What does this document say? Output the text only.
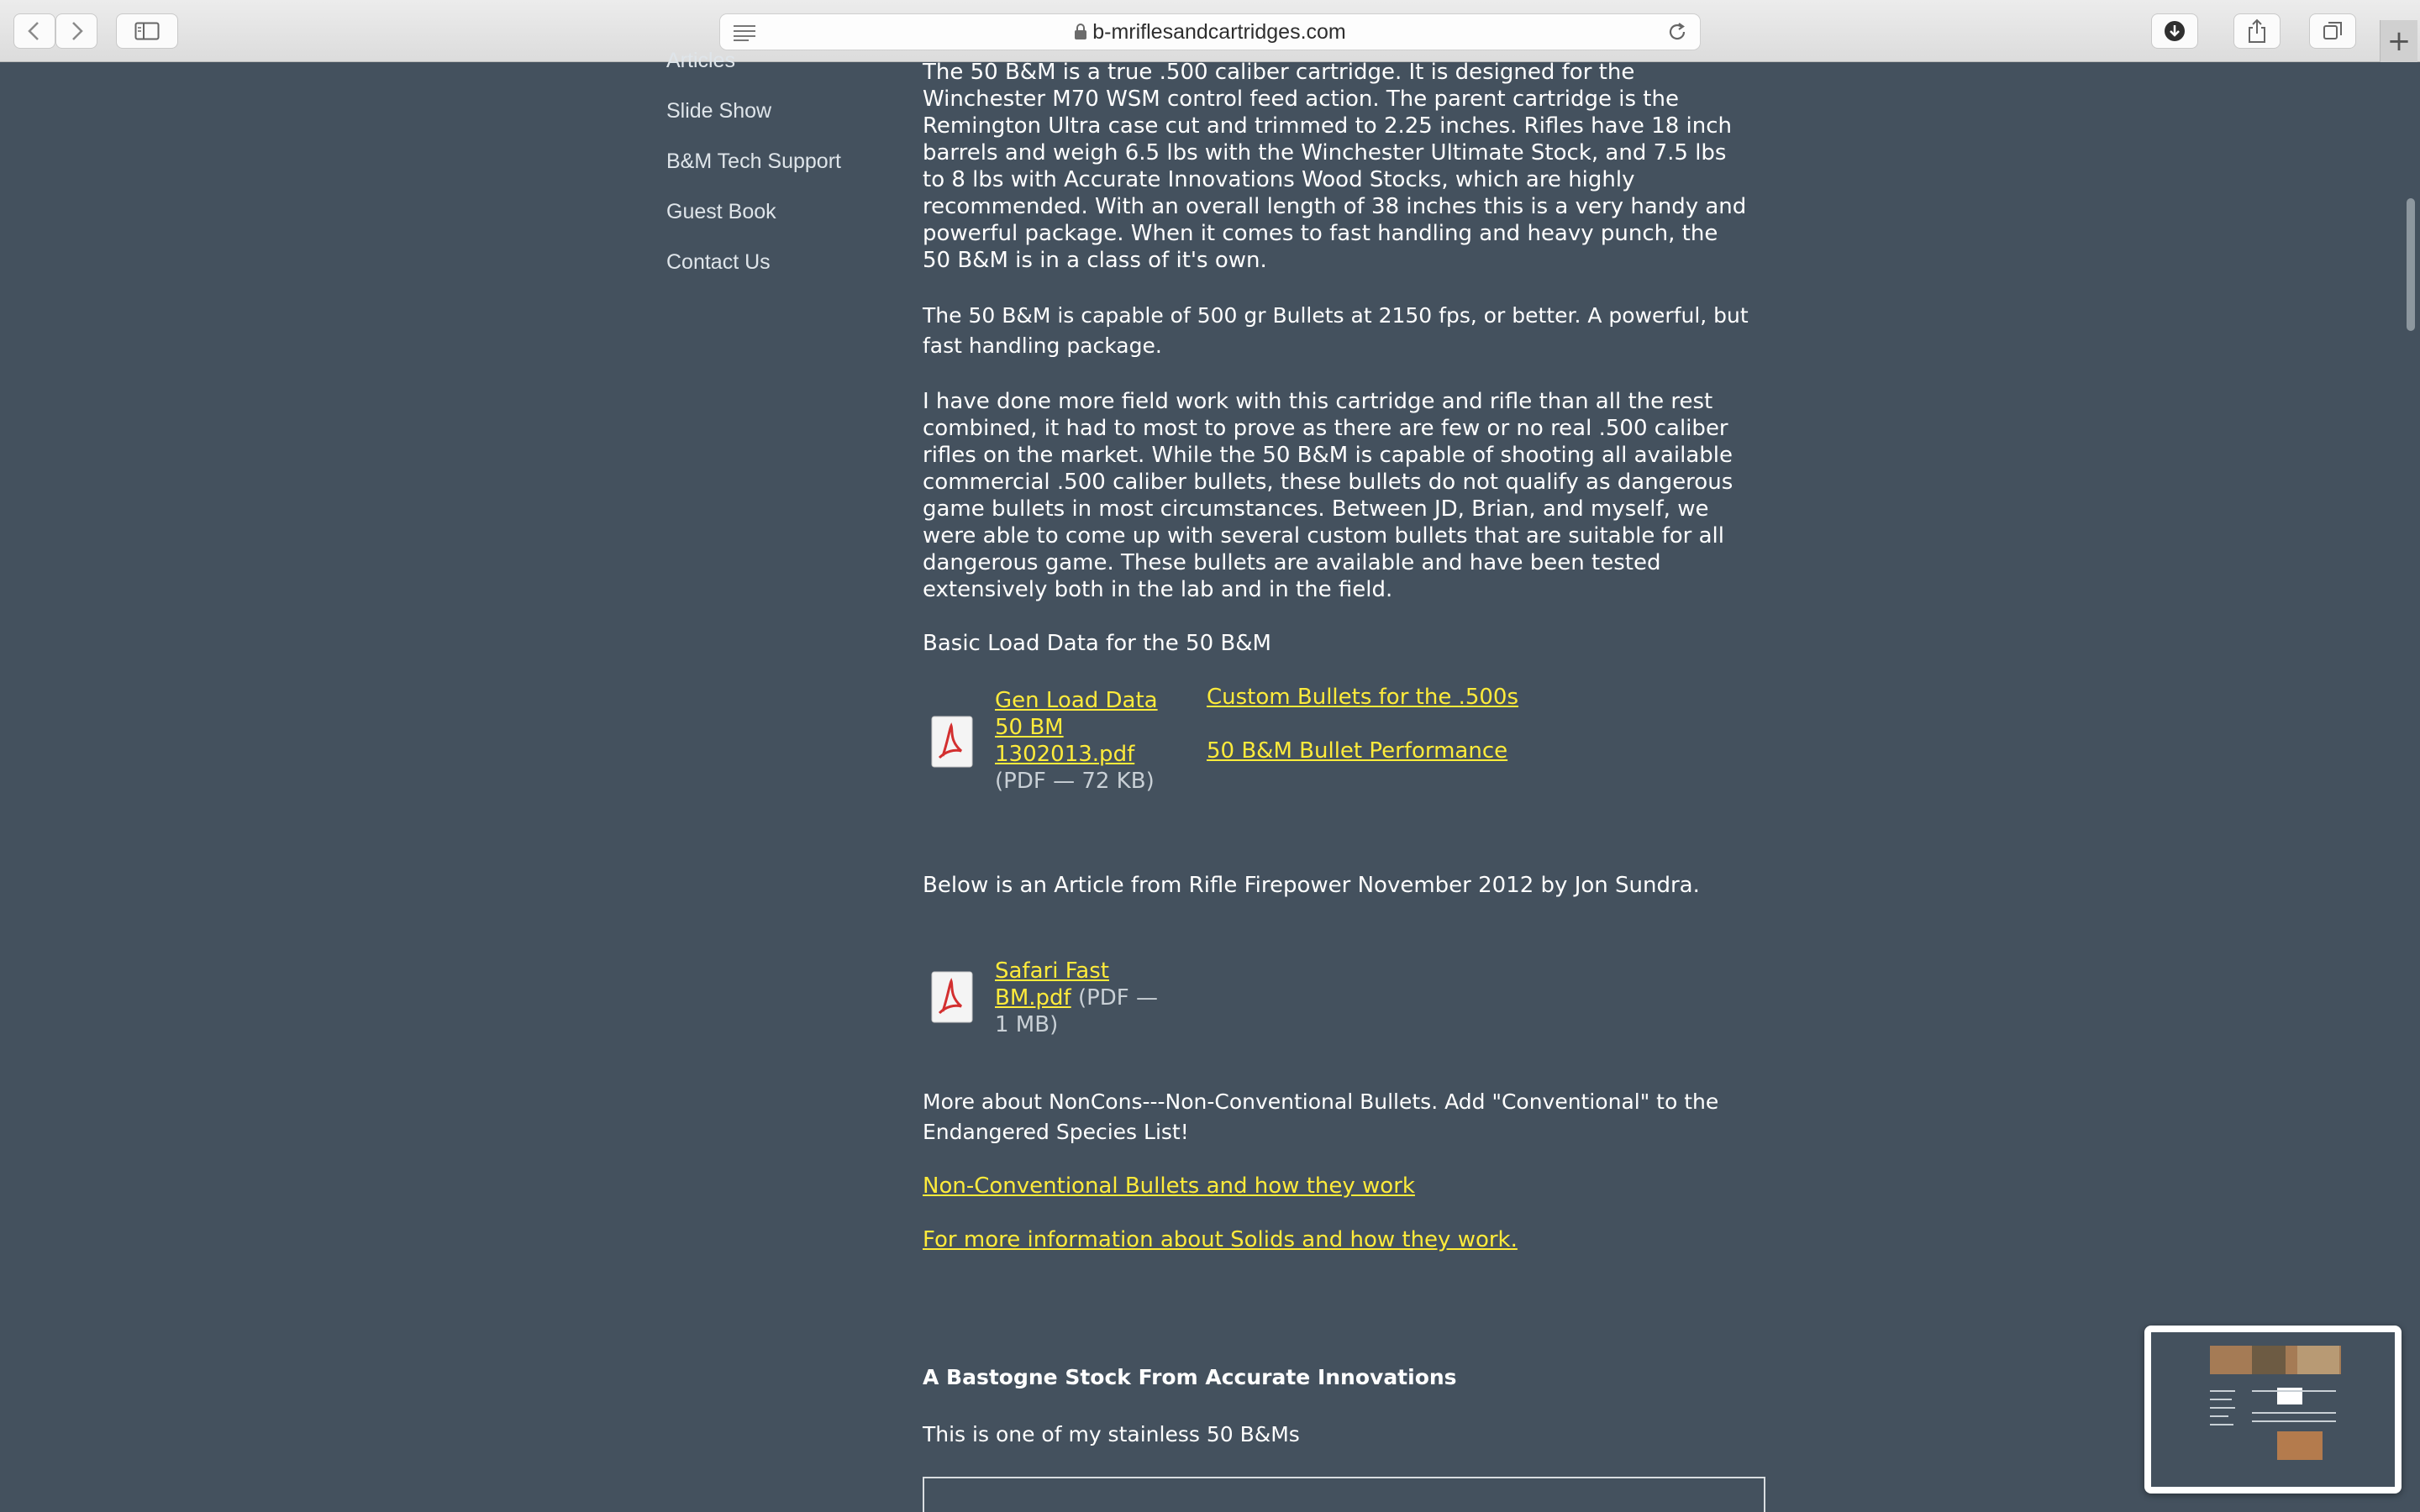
b-mriflesandcartridges.com	+
Articles
Slide Show
B&M Tech Support
Guest Book
Contact Us
The 50 B&M is a true .500 caliber cartridge. It is designed for the
Winchester M70 WSM control feed action. The parent cartridge is the
Remington Ultra case cut and trimmed to 2.25 inches. Rifles have 18 inch
barrels and weigh 6.5 lbs with the Winchester Ultimate Stock, and 7.5 lbs
to 8 lbs with Accurate Innovations Wood Stocks, which are highly
recommended. With an overall length of 38 inches this is a very handy and
powerful package. When it comes to fast handling and heavy punch, the
50 B&M is in a class of it's own.
The 50 B&M is capable of 500 gr Bullets at 2150 fps, or better. A powerful, but
fast handling package.
I have done more field work with this cartridge and rifle than all the rest
combined, it had to most to prove as there are few or no real .500 caliber
rifles on the market. While the 50 B&M is capable of shooting all available
commercial .500 caliber bullets, these bullets do not qualify as dangerous
game bullets in most circumstances. Between JD, Brian, and myself, we
were able to come up with several custom bullets that are suitable for all
dangerous game. These bullets are available and have been tested
extensively both in the lab and in the field.
Basic Load Data for the 50 B&M
Gen Load Data
50 BM
1302013.pdf
(PDF — 72 KB)
Custom Bullets for the .500s
50 B&M Bullet Performance
Below is an Article from Rifle Firepower November 2012 by Jon Sundra.
Safari Fast
BM.pdf (PDF —
1 MB)
More about NonCons---Non-Conventional Bullets. Add "Conventional" to the
Endangered Species List!
Non-Conventional Bullets and how they work
For more information about Solids and how they work.
A Bastogne Stock From Accurate Innovations
This is one of my stainless 50 B&Ms
